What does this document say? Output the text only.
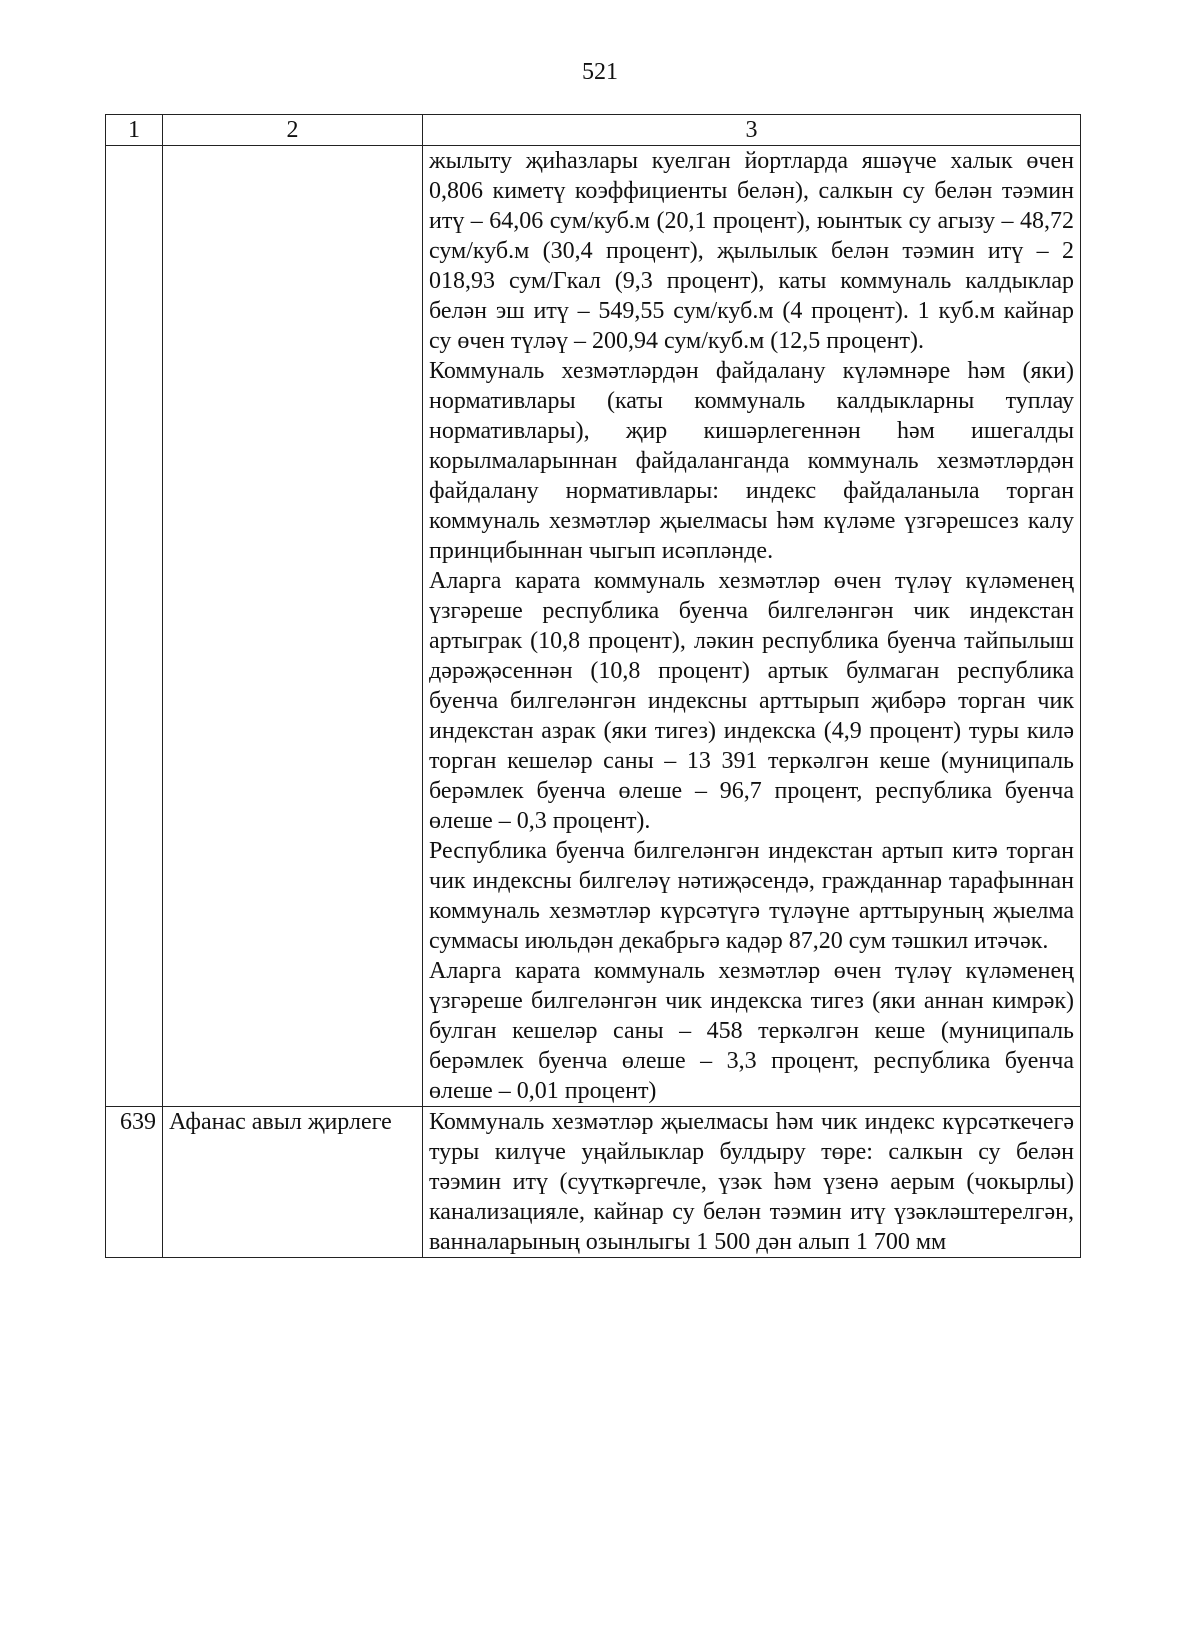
521
1	2	3

		жылыту җиһазлары куелган йортларда яшәүче халык өчен 0,806 киметү коэффициенты белән), салкын су белән тәэмин итү – 64,06 сум/куб.м (20,1 процент), юынтык су агызу – 48,72 сум/куб.м (30,4 процент), җылылык белән тәэмин итү – 2 018,93 сум/Гкал (9,3 процент), каты коммуналь калдыклар белән эш итү – 549,55 сум/куб.м (4 процент). 1 куб.м кайнар су өчен түләү – 200,94 сум/куб.м (12,5 процент).

Коммуналь хезмәтләрдән файдалану күләмнәре һәм (яки) нормативлары (каты коммуналь калдыкларны туплау нормативлары), җир кишәрлегеннән һәм ишегалды корылмаларыннан файдаланганда коммуналь хезмәтләрдән файдалану нормативлары: индекс файдаланыла торган коммуналь хезмәтләр җыелмасы һәм күләме үзгәрешсез калу принцибыннан чыгып исәпләнде.

Аларга карата коммуналь хезмәтләр өчен түләү күләменең үзгәреше республика буенча билгеләнгән чик индекстан артыграк (10,8 процент), ләкин республика буенча тайпылыш дәрәҗәсеннән (10,8 процент) артык булмаган республика буенча билгеләнгән индексны арттырып җибәрә торган чик индекстан азрак (яки тигез) индекска (4,9 процент) туры килә торган кешеләр саны – 13 391 теркәлгән кеше (муниципаль берәмлек буенча өлеше – 96,7 процент, республика буенча өлеше – 0,3 процент).

Республика буенча билгеләнгән индекстан артып китә торган чик индексны билгеләү нәтиҗәсендә, гражданнар тарафыннан коммуналь хезмәтләр күрсәтүгә түләүне арттыруның җыелма суммасы июльдән декабрьгә кадәр 87,20 сум тәшкил итәчәк.

Аларга карата коммуналь хезмәтләр өчен түләү күләменең үзгәреше билгеләнгән чик индекска тигез (яки аннан кимрәк) булган кешеләр саны – 458 теркәлгән кеше (муниципаль берәмлек буенча өлеше – 3,3 процент, республика буенча өлеше – 0,01 процент)

639	Афанас авыл җирлеге	Коммуналь хезмәтләр җыелмасы һәм чик индекс күрсәткечегә туры килүче уңайлыклар булдыру төре: салкын су белән тәэмин итү (суүткәргечле, үзәк һәм үзенә аерым (чокырлы) канализацияле, кайнар су белән тәэмин итү үзәкләштерелгән, ванналарының озынлыгы 1 500 дән алып 1 700 мм
